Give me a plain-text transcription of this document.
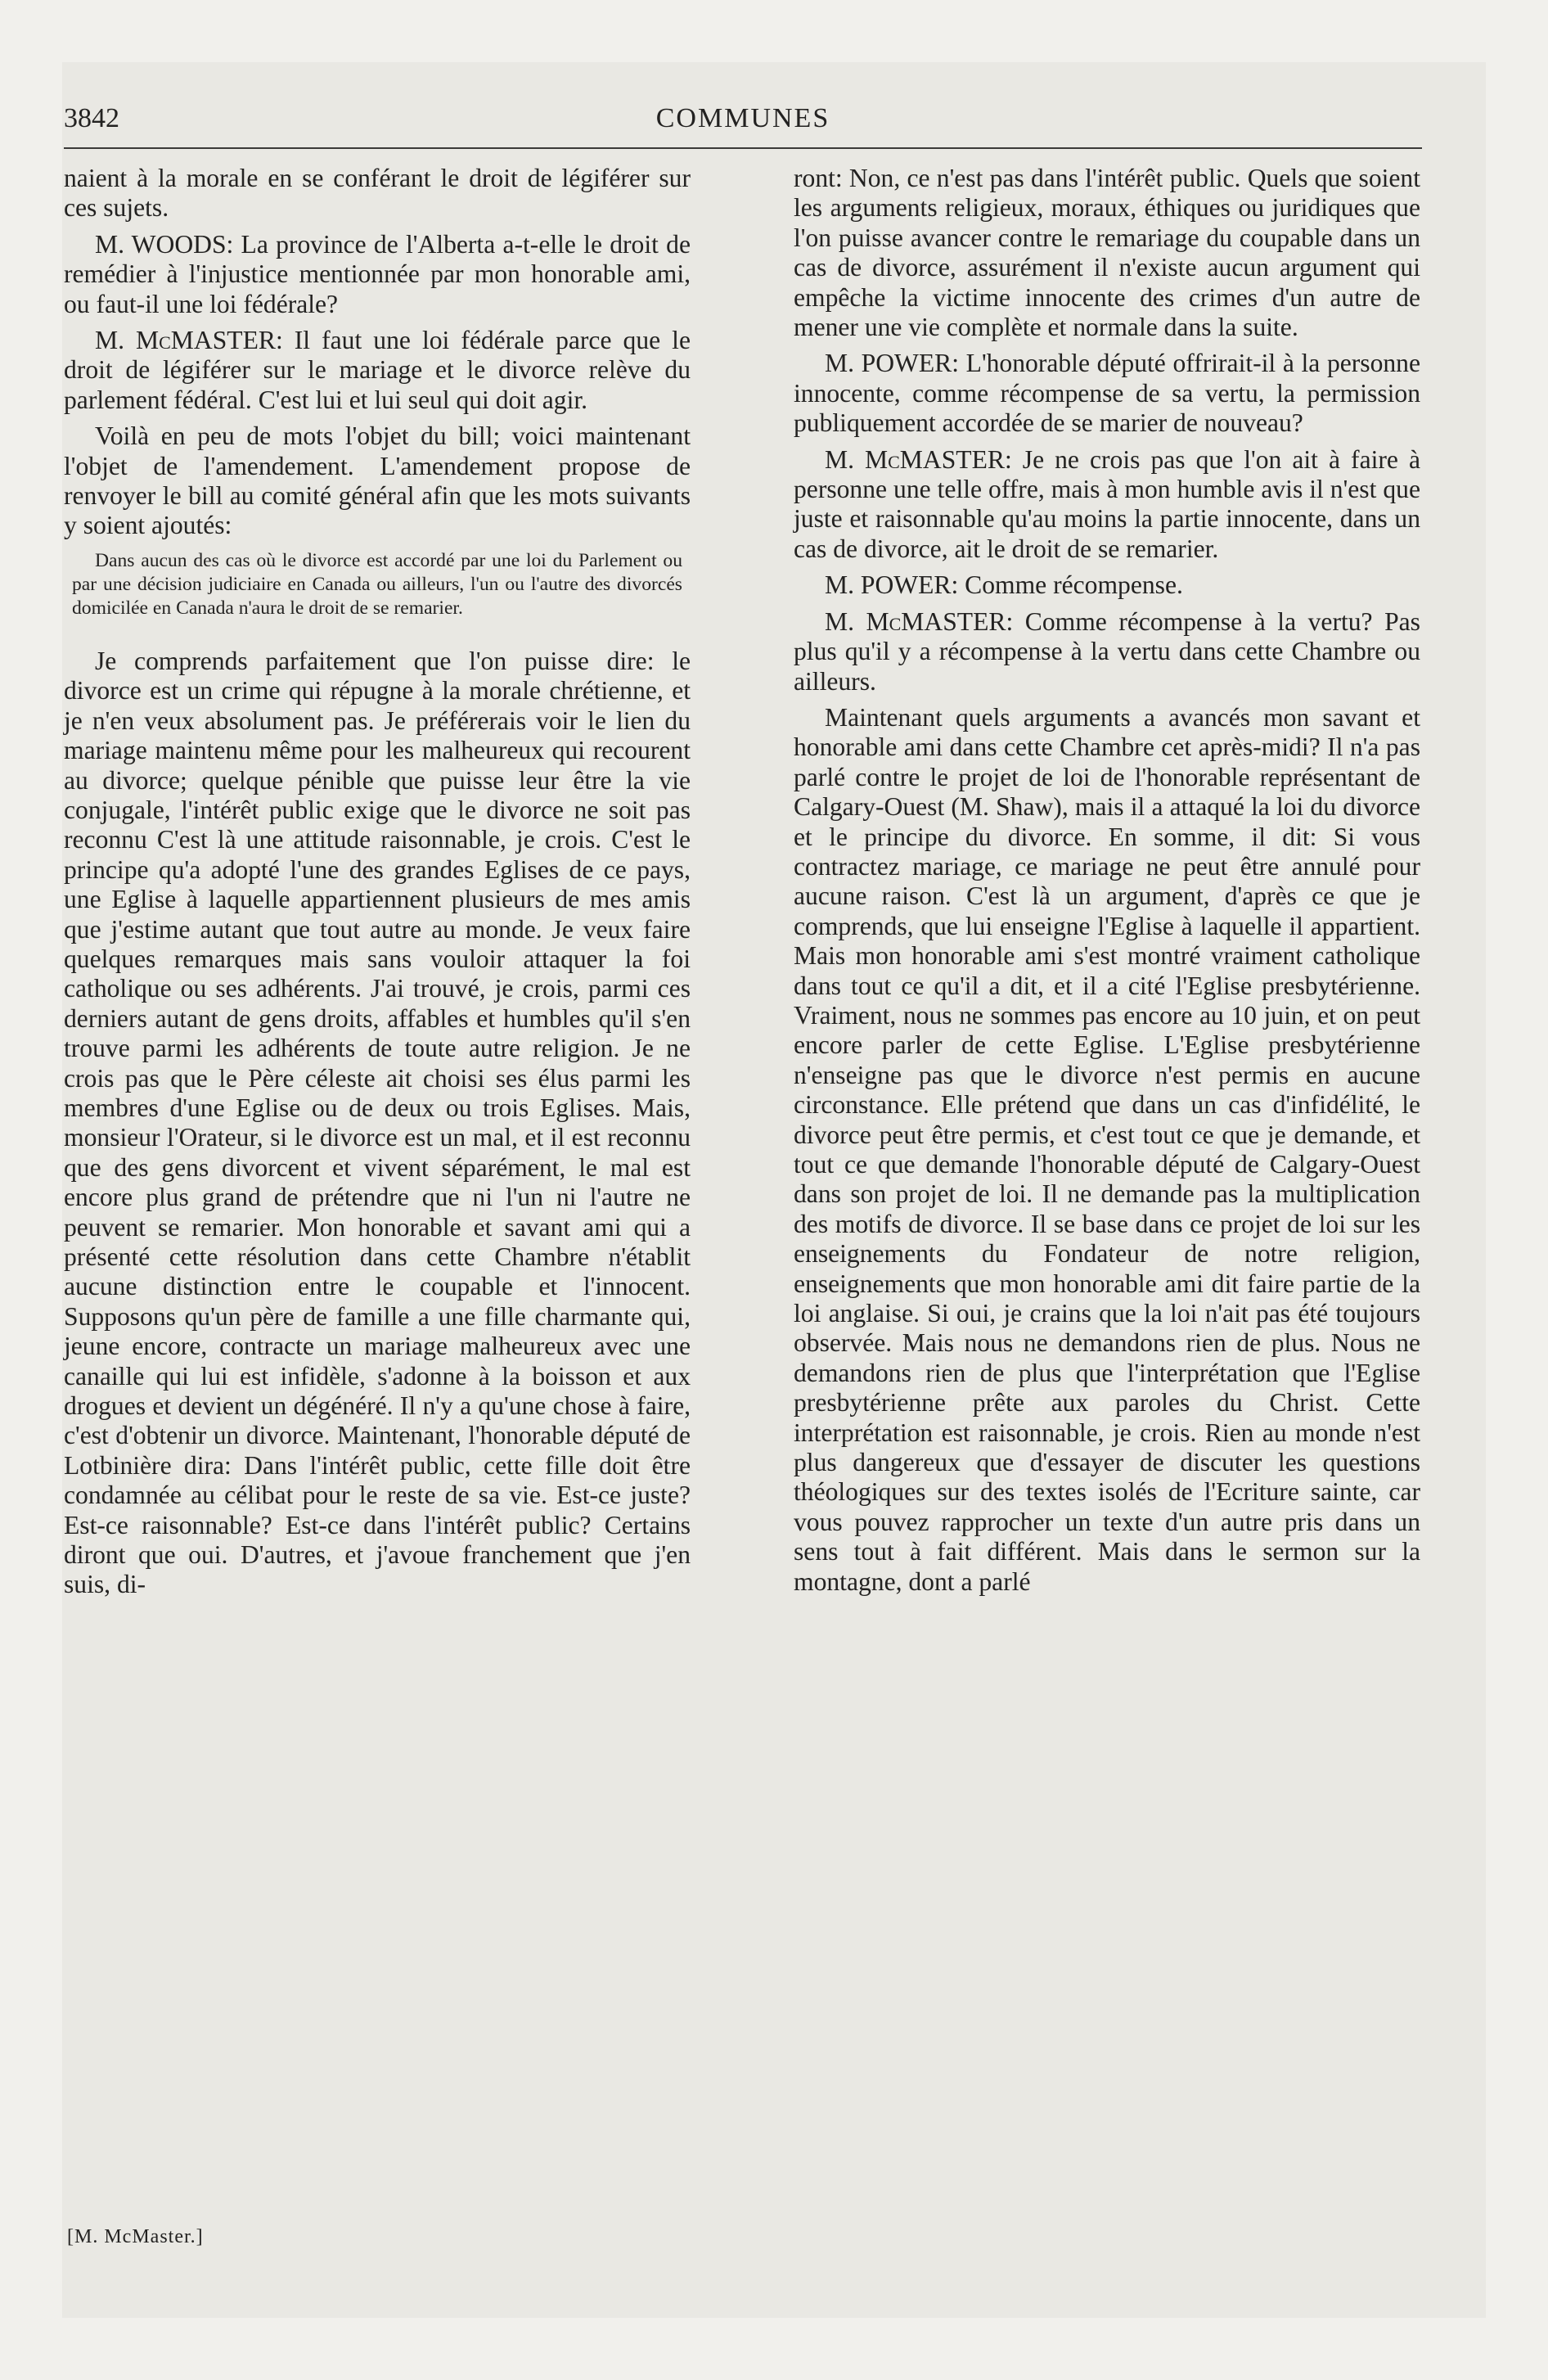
3842	COMMUNES

naient à la morale en se conférant le droit de légiférer sur ces sujets.

M. WOODS: La province de l'Alberta a-t-elle le droit de remédier à l'injustice mentionnée par mon honorable ami, ou faut-il une loi fédérale?

M. McMASTER: Il faut une loi fédérale parce que le droit de légiférer sur le mariage et le divorce relève du parlement fédéral. C'est lui et lui seul qui doit agir.

Voilà en peu de mots l'objet du bill; voici maintenant l'objet de l'amendement. L'amendement propose de renvoyer le bill au comité général afin que les mots suivants y soient ajoutés:

Dans aucun des cas où le divorce est accordé par une loi du Parlement ou par une décision judiciaire en Canada ou ailleurs, l'un ou l'autre des divorcés domicilée en Canada n'aura le droit de se remarier.

Je comprends parfaitement que l'on puisse dire: le divorce est un crime qui répugne à la morale chrétienne, et je n'en veux absolument pas. Je préférerais voir le lien du mariage maintenu même pour les malheureux qui recourent au divorce; quelque pénible que puisse leur être la vie conjugale, l'intérêt public exige que le divorce ne soit pas reconnu C'est là une attitude raisonnable, je crois. C'est le principe qu'a adopté l'une des grandes Eglises de ce pays, une Eglise à laquelle appartiennent plusieurs de mes amis que j'estime autant que tout autre au monde. Je veux faire quelques remarques mais sans vouloir attaquer la foi catholique ou ses adhérents. J'ai trouvé, je crois, parmi ces derniers autant de gens droits, affables et humbles qu'il s'en trouve parmi les adhérents de toute autre religion. Je ne crois pas que le Père céleste ait choisi ses élus parmi les membres d'une Eglise ou de deux ou trois Eglises. Mais, monsieur l'Orateur, si le divorce est un mal, et il est reconnu que des gens divorcent et vivent séparément, le mal est encore plus grand de prétendre que ni l'un ni l'autre ne peuvent se remarier. Mon honorable et savant ami qui a présenté cette résolution dans cette Chambre n'établit aucune distinction entre le coupable et l'innocent. Supposons qu'un père de famille a une fille charmante qui, jeune encore, contracte un mariage malheureux avec une canaille qui lui est infidèle, s'adonne à la boisson et aux drogues et devient un dégénéré. Il n'y a qu'une chose à faire, c'est d'obtenir un divorce. Maintenant, l'honorable député de Lotbinière dira: Dans l'intérêt public, cette fille doit être condamnée au célibat pour le reste de sa vie. Est-ce juste? Est-ce raisonnable? Est-ce dans l'intérêt public? Certains diront que oui. D'autres, et j'avoue franchement que j'en suis, di-

ront: Non, ce n'est pas dans l'intérêt public. Quels que soient les arguments religieux, moraux, éthiques ou juridiques que l'on puisse avancer contre le remariage du coupable dans un cas de divorce, assurément il n'existe aucun argument qui empêche la victime innocente des crimes d'un autre de mener une vie complète et normale dans la suite.

M. POWER: L'honorable député offrirait-il à la personne innocente, comme récompense de sa vertu, la permission publiquement accordée de se marier de nouveau?

M. McMASTER: Je ne crois pas que l'on ait à faire à personne une telle offre, mais à mon humble avis il n'est que juste et raisonnable qu'au moins la partie innocente, dans un cas de divorce, ait le droit de se remarier.

M. POWER: Comme récompense.

M. McMASTER: Comme récompense à la vertu? Pas plus qu'il y a récompense à la vertu dans cette Chambre ou ailleurs.

Maintenant quels arguments a avancés mon savant et honorable ami dans cette Chambre cet après-midi? Il n'a pas parlé contre le projet de loi de l'honorable représentant de Calgary-Ouest (M. Shaw), mais il a attaqué la loi du divorce et le principe du divorce. En somme, il dit: Si vous contractez mariage, ce mariage ne peut être annulé pour aucune raison. C'est là un argument, d'après ce que je comprends, que lui enseigne l'Eglise à laquelle il appartient. Mais mon honorable ami s'est montré vraiment catholique dans tout ce qu'il a dit, et il a cité l'Eglise presbytérienne. Vraiment, nous ne sommes pas encore au 10 juin, et on peut encore parler de cette Eglise. L'Eglise presbytérienne n'enseigne pas que le divorce n'est permis en aucune circonstance. Elle prétend que dans un cas d'infidélité, le divorce peut être permis, et c'est tout ce que je demande, et tout ce que demande l'honorable député de Calgary-Ouest dans son projet de loi. Il ne demande pas la multiplication des motifs de divorce. Il se base dans ce projet de loi sur les enseignements du Fondateur de notre religion, enseignements que mon honorable ami dit faire partie de la loi anglaise. Si oui, je crains que la loi n'ait pas été toujours observée. Mais nous ne demandons rien de plus. Nous ne demandons rien de plus que l'interprétation que l'Eglise presbytérienne prête aux paroles du Christ. Cette interprétation est raisonnable, je crois. Rien au monde n'est plus dangereux que d'essayer de discuter les questions théologiques sur des textes isolés de l'Ecriture sainte, car vous pouvez rapprocher un texte d'un autre pris dans un sens tout à fait différent. Mais dans le sermon sur la montagne, dont a parlé

[M. McMaster.]
